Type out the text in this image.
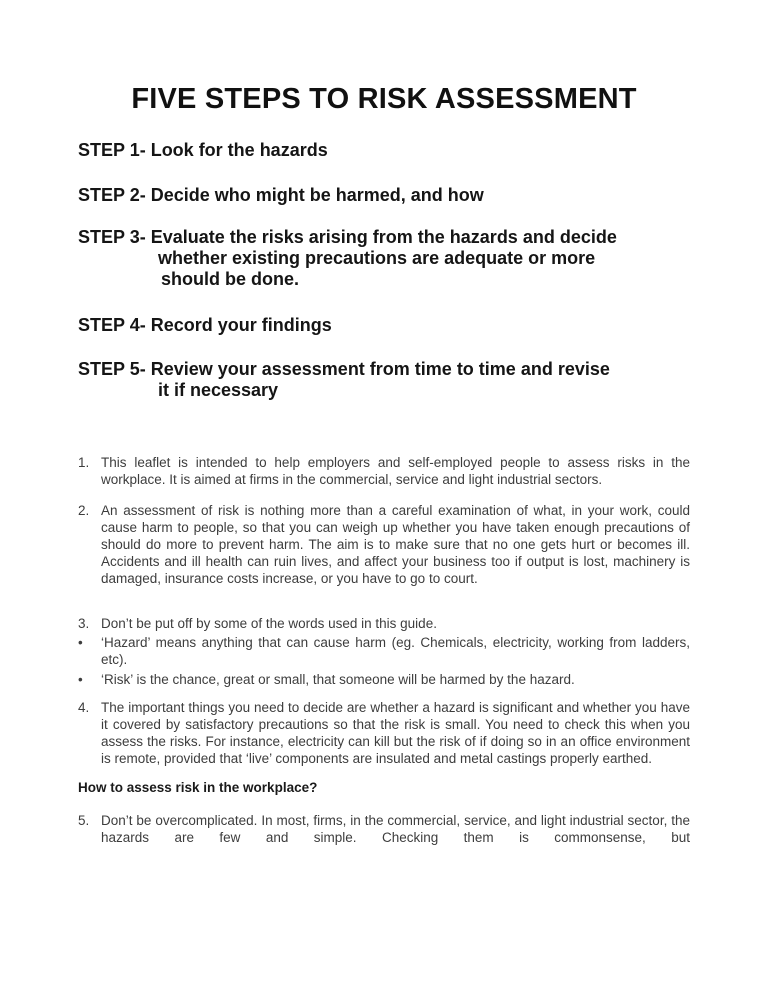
FIVE STEPS TO RISK ASSESSMENT
STEP 1- Look for the hazards
STEP 2- Decide who might be harmed, and how
STEP 3- Evaluate the risks arising from the hazards and decide
whether existing precautions are adequate or more
should be done.
STEP 4- Record your findings
STEP 5- Review your assessment from time to time and revise
it if necessary
1. This leaflet is intended to help employers and self-employed people to assess risks in the workplace. It is aimed at firms in the commercial, service and light industrial sectors.
2. An assessment of risk is nothing more than a careful examination of what, in your work, could cause harm to people, so that you can weigh up whether you have taken enough precautions of should do more to prevent harm. The aim is to make sure that no one gets hurt or becomes ill. Accidents and ill health can ruin lives, and affect your business too if output is lost, machinery is damaged, insurance costs increase, or you have to go to court.
3. Don’t be put off by some of the words used in this guide.
•	‘Hazard’ means anything that can cause harm (eg. Chemicals, electricity, working from ladders, etc).
•	‘Risk’ is the chance, great or small, that someone will be harmed by the hazard.
4. The important things you need to decide are whether a hazard is significant and whether you have it covered by satisfactory precautions so that the risk is small. You need to check this when you assess the risks. For instance, electricity can kill but the risk of if doing so in an office environment is remote, provided that ‘live’ components are insulated and metal castings properly earthed.
How to assess risk in the workplace?
5. Don’t be overcomplicated. In most, firms, in the commercial, service, and light industrial sector, the hazards are few and simple. Checking them is commonsense, but
